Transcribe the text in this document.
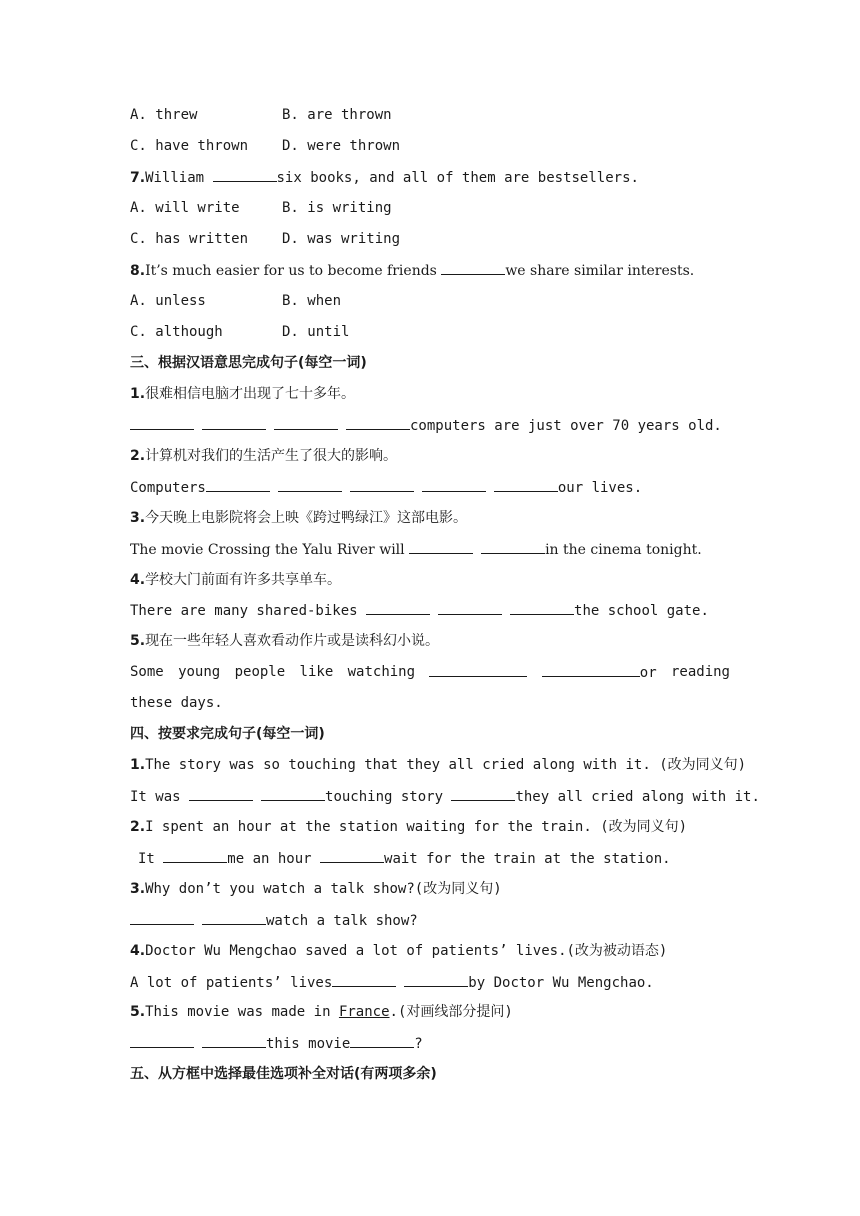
A. threw	B. are thrown
C. have thrown D. were thrown
7.William	six books, and all of them are bestsellers.
A. will write	B. is writing
C. has written D. was writing
8.It’s much easier for us to become friends	we share similar interests.
A. unless	B. when
C. although	D. until
三、根据汉语意思完成句子(每空一词)
1.很难相信电脑才出现了七十多年。
computers are just over 70 years old.
2.计算机对我们的生活产生了很大的影响。
Computers	our lives.
3.今天晚上电影院将会上映《跨过鸭绿江》这部电影。
The movie Crossing the Yalu River will	in the cinema tonight.
4.学校大门前面有许多共享单车。
There are many shared-bikes	the school gate.
5.现在一些年轻人喜欢看动作片或是读科幻小说。
Some young people like watching	or reading
these days.
四、按要求完成句子(每空一词)
1.The story was so touching that they all cried along with it. (改为同义句)
It was	touching story	they all cried along with it.
2.I spent an hour at the station waiting for the train. (改为同义句)
It	me an hour	wait for the train at the station.
3.Why don’t you watch a talk show?(改为同义句)
watch a talk show?
4.Doctor Wu Mengchao saved a lot of patients’ lives.(改为被动语态)
A lot of patients’ lives	by Doctor Wu Mengchao.
5.This movie was made in France.(对画线部分提问)
this movie	?
五、从方框中选择最佳选项补全对话(有两项多余)
